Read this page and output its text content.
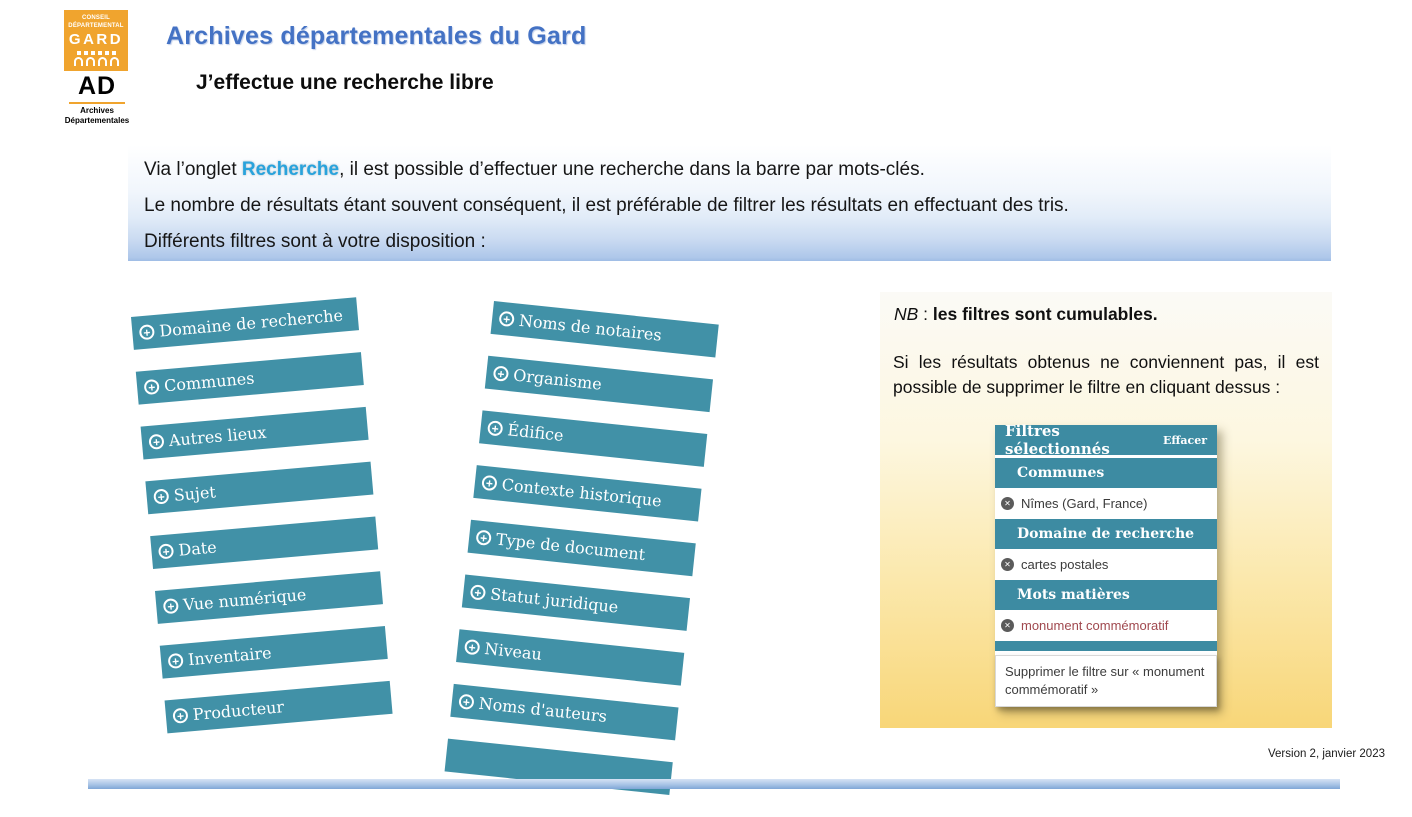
CONSEIL DÉPARTEMENTAL
GARD
AD
Archives
Départementales
Archives départementales du Gard
J’effectue une recherche libre
Via l’onglet Recherche, il est possible d’effectuer une recherche dans la barre par mots-clés.
Le nombre de résultats étant souvent conséquent, il est préférable de filtrer les résultats en effectuant des tris.
Différents filtres sont à votre disposition :
+ Domaine de recherche
+ Communes
+ Autres lieux
+ Sujet
+ Date
+ Vue numérique
+ Inventaire
+ Producteur
+ Noms de notaires
+ Organisme
+ Édifice
+ Contexte historique
+ Type de document
+ Statut juridique
+ Niveau
+ Noms d'auteurs
NB : les filtres sont cumulables.
Si les résultats obtenus ne conviennent pas, il est possible de supprimer le filtre en cliquant dessus :
Filtres sélectionnés	Effacer
Communes
✕ Nîmes (Gard, France)
Domaine de recherche
✕ cartes postales
Mots matières
✕ monument commémoratif
Supprimer le filtre sur « monument commémoratif »
Version 2, janvier 2023
